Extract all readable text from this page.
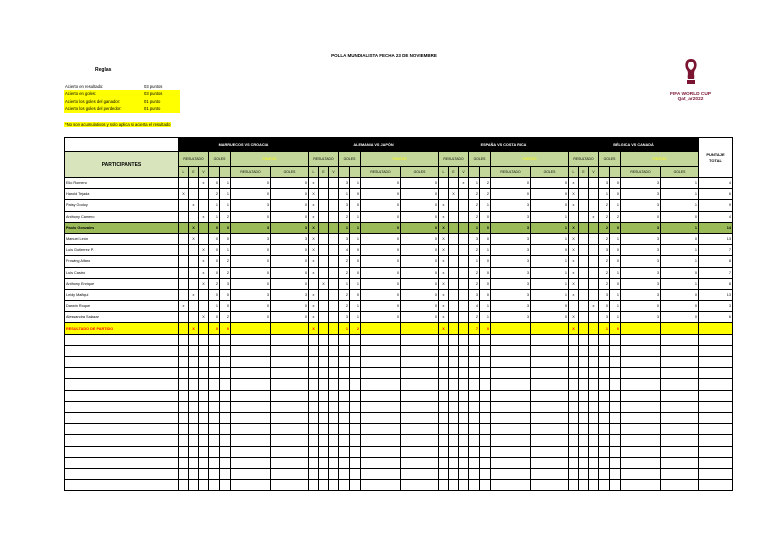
POLLA MUNDIALISTA FECHA 23 DE NOVIEMBRE
Reglas
Acierto en resultado:	03 puntos
Acierto en goles:	03 puntos
Acierto los goles del ganador:	01 punto
Acierto los goles del perdedor:	01 punto
*No son acumulativos y solo aplica si acierta el resultado
FIFA WORLD CUP
Qat_ar2022
	MARRUECOS VS CROACIA							ALEMANIA VS JAPÓN							ESPAÑA VS COSTA RICA							BÉLGICA VS CANADÁ							PUNTAJE TOTAL
PARTICIPANTES	RESULTADO			GOLES		PUNTOS		RESULTADO			GOLES		PUNTOS		RESULTADO			GOLES		PUNTOS		RESULTADO			GOLES		PUNTOS		
	L	E	V			RESULTADO	GOLES	L	E	V			RESULTADO	GOLES	L	E	V			RESULTADO	GOLES	L	E	V			RESULTADO	GOLES	
Elio Romero			x	0	1	0	0	x			3	1	0	0			x	1	2	0	0	x			3	0	3	1	4
Harold Tejada	X			2	1	0	0	X			1	0	0	0		X		2	2	0	0	X			1	0	3	1	6
Patsy Godoy		x		1	1	3	0	x			3	0	0	0	x			2	1	3	0	x			2	1	3	1	9
Anthony Camero			x	1	2	0	0	x			2	1	0	0	x			2	0	3	1			x	2	2	0	0	4
Paolo Gonzales		X		0	0	3	3	X			1	1	0	0	X			1	0	3	1	X			2	0	3	1	14
Manuel León		X		0	0	3	3	X			3	1	0	0	X			3	0	3	1	X			2	1	3	0	13
Luis Gutierrez P.			X	0	1	0	0	X			4	0	0	0	X			2	1	3	0	X			3	0	3	1	7
Frowing Alfaro			x	0	2	0	0	x			2	0	0	0	x			1	0	3	1	x			2	0	3	1	8
Luis Castro			x	0	2	0	0	x			2	0	0	0	x			2	0	3	1	x			2	1	3	0	7
Anthony Enrique			X	2	3	0	0		X		1	1	0	0	X			2	0	3	1	X			2	0	3	1	8
Leidy Mafiqui		x		0	0	3	3	x			2	0	0	0	x			3	0	3	1	x			3	1	3	0	13
Darwin Roque	x			1	0	0	0	x			2	1	0	0	x			4	1	3	0			x	0	1	0	0	3
Alessandra Salazar			X	0	2	0	0	x			3	1	0	0	x			2	1	3	0	X			3	1	3	0	6
RESULTADO DE PARTIDO		X		0	0			X			1	2			X			7	0			X			1	0			
